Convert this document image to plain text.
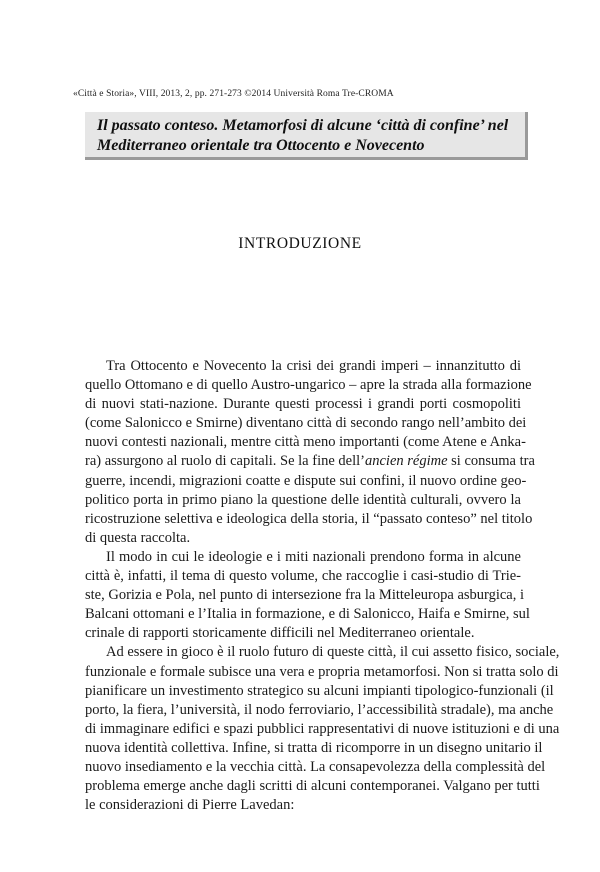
«Città e Storia», VIII, 2013, 2, pp. 271-273 ©2014 Università Roma Tre-CROMA
Il passato conteso. Metamorfosi di alcune ‘città di confine’ nel
Mediterraneo orientale tra Ottocento e Novecento
INTRODUZIONE
Tra Ottocento e Novecento la crisi dei grandi imperi – innanzitutto di
quello Ottomano e di quello Austro-ungarico – apre la strada alla formazione
di nuovi stati-nazione. Durante questi processi i grandi porti cosmopoliti
(come Salonicco e Smirne) diventano città di secondo rango nell’ambito dei
nuovi contesti nazionali, mentre città meno importanti (come Atene e Anka-
ra) assurgono al ruolo di capitali. Se la fine dell’ancien régime si consuma tra
guerre, incendi, migrazioni coatte e dispute sui confini, il nuovo ordine geo-
politico porta in primo piano la questione delle identità culturali, ovvero la
ricostruzione selettiva e ideologica della storia, il “passato conteso” nel titolo
di questa raccolta.
Il modo in cui le ideologie e i miti nazionali prendono forma in alcune
città è, infatti, il tema di questo volume, che raccoglie i casi-studio di Trie-
ste, Gorizia e Pola, nel punto di intersezione fra la Mitteleuropa asburgica, i
Balcani ottomani e l’Italia in formazione, e di Salonicco, Haifa e Smirne, sul
crinale di rapporti storicamente difficili nel Mediterraneo orientale.
Ad essere in gioco è il ruolo futuro di queste città, il cui assetto fisico, sociale,
funzionale e formale subisce una vera e propria metamorfosi. Non si tratta solo di
pianificare un investimento strategico su alcuni impianti tipologico-funzionali (il
porto, la fiera, l’università, il nodo ferroviario, l’accessibilità stradale), ma anche
di immaginare edifici e spazi pubblici rappresentativi di nuove istituzioni e di una
nuova identità collettiva. Infine, si tratta di ricomporre in un disegno unitario il
nuovo insediamento e la vecchia città. La consapevolezza della complessità del
problema emerge anche dagli scritti di alcuni contemporanei. Valgano per tutti
le considerazioni di Pierre Lavedan:
